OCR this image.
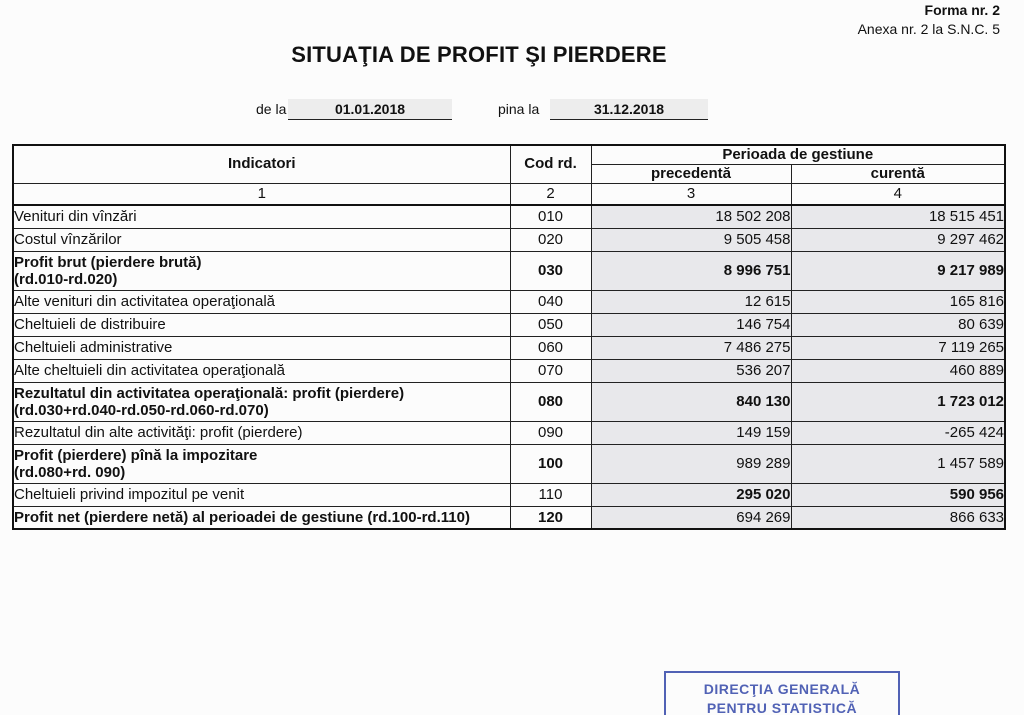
Forma nr. 2
Anexa nr. 2 la S.N.C. 5
SITUAŢIA DE PROFIT ŞI PIERDERE
de la	01.01.2018	pina la	31.12.2018
Indicatori	Cod rd.	Perioada de gestiune	
		precedentă	curentă
1	2	3	4

Venituri din vînzări	010	18 502 208	18 515 451

Costul vînzărilor	020	9 505 458	9 297 462

Profit brut (pierdere brută)
(rd.010-rd.020)	030	8 996 751	9 217 989

Alte venituri din activitatea operaţională	040	12 615	165 816

Cheltuieli de distribuire	050	146 754	80 639

Cheltuieli administrative	060	7 486 275	7 119 265

Alte cheltuieli din activitatea operaţională	070	536 207	460 889

Rezultatul din activitatea operaţională: profit (pierdere)
(rd.030+rd.040-rd.050-rd.060-rd.070)	080	840 130	1 723 012

Rezultatul din alte activităţi: profit (pierdere)	090	149 159	-265 424

Profit (pierdere) pînă la impozitare
(rd.080+rd. 090)	100	989 289	1 457 589

Cheltuieli privind impozitul pe venit	110	295 020	590 956

Profit net (pierdere netă) al perioadei de gestiune (rd.100-rd.110)	120	694 269	866 633
DIRECŢIA GENERALĂ
PENTRU STATISTICĂ
